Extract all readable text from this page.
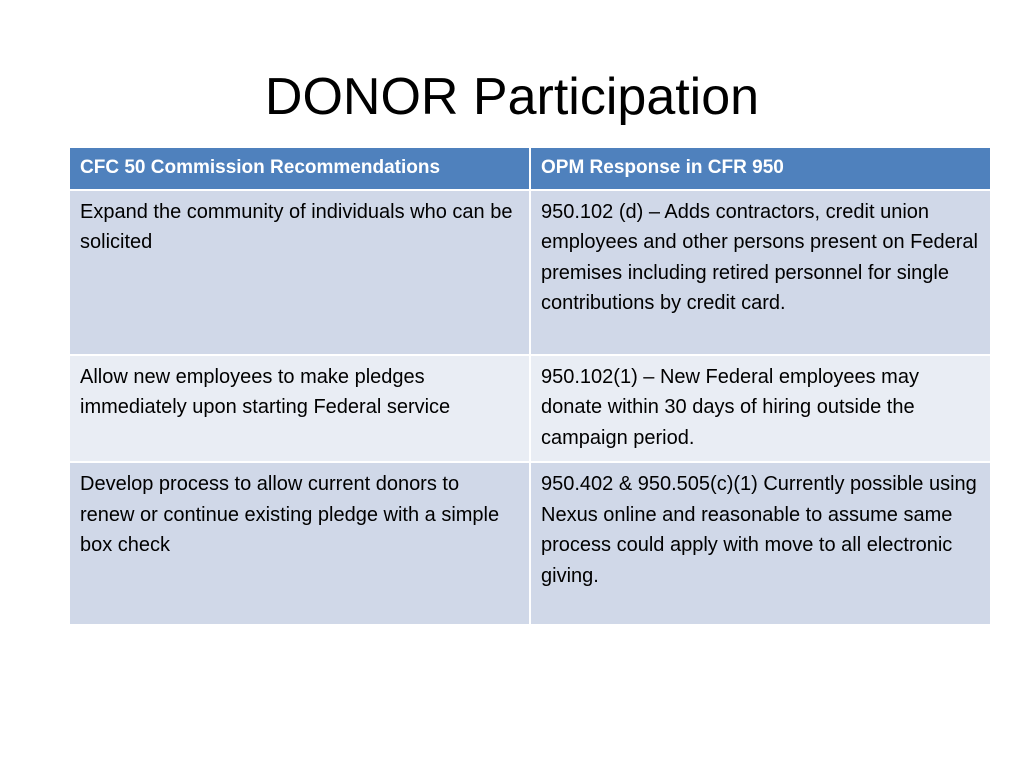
DONOR Participation
CFC 50 Commission Recommendations	OPM Response in CFR 950
Expand the community of individuals who can be solicited	950.102 (d) – Adds contractors, credit union employees and other persons present on Federal premises including retired personnel for single contributions by credit card.
Allow new employees to make pledges immediately upon starting Federal service	950.102(1) – New Federal employees may donate within 30 days of hiring outside the campaign period.
Develop process to allow current donors to renew or continue existing pledge with a simple box check	950.402 & 950.505(c)(1) Currently possible using Nexus online and reasonable to assume same process could apply with move to all electronic giving.
